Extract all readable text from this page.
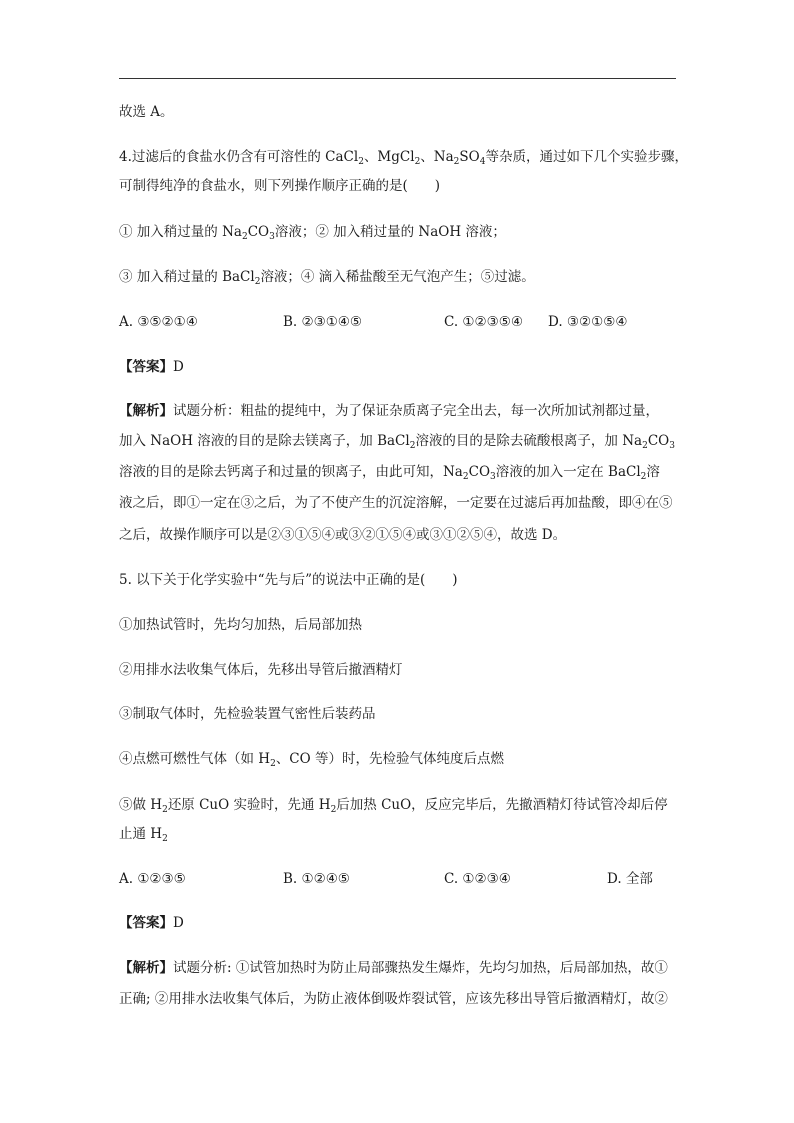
故选 A。
4.过滤后的食盐水仍含有可溶性的 CaCl$_2$、MgCl$_2$、$Na_2SO_4$等杂质，通过如下几个实验步骤，
可制得纯净的食盐水，则下列操作顺序正确的是(　　)
① 加入稍过量的 $Na_2CO_3$溶液；② 加入稍过量的 NaOH 溶液；
③ 加入稍过量的 BaCl$_2$溶液；④ 滴入稀盐酸至无气泡产生；⑤过滤。
A. ③⑤②①④	B. ②③①④⑤	C. ①②③⑤④ D. ③②①⑤④
【答案】D
【解析】试题分析：粗盐的提纯中，为了保证杂质离子完全出去，每一次所加试剂都过量，
加入 NaOH 溶液的目的是除去镁离子，加 BaCl$_2$溶液的目的是除去硫酸根离子，加 $Na_2CO_3$
溶液的目的是除去钙离子和过量的钡离子，由此可知，$Na_2CO_3$溶液的加入一定在 BaCl$_2$溶
液之后，即①一定在③之后，为了不使产生的沉淀溶解，一定要在过滤后再加盐酸，即④在⑤
之后，故操作顺序可以是②③①⑤④或③②①⑤④或③①②⑤④，故选 D。
5. 以下关于化学实验中“先与后”的说法中正确的是(　　)
①加热试管时，先均匀加热，后局部加热
②用排水法收集气体后，先移出导管后撤酒精灯
③制取气体时，先检验装置气密性后装药品
④点燃可燃性气体（如 $H_2$、CO 等）时，先检验气体纯度后点燃
⑤做 $H_2$还原 CuO 实验时，先通 $H_2$后加热 CuO，反应完毕后，先撤酒精灯待试管冷却后停
止通 $H_2$
A. ①②③⑤	B. ①②④⑤	C. ①②③④	D. 全部
【答案】D
【解析】试题分析: ①试管加热时为防止局部骤热发生爆炸，先均匀加热，后局部加热，故①
正确; ②用排水法收集气体后，为防止液体倒吸炸裂试管，应该先移出导管后撤酒精灯，故②
